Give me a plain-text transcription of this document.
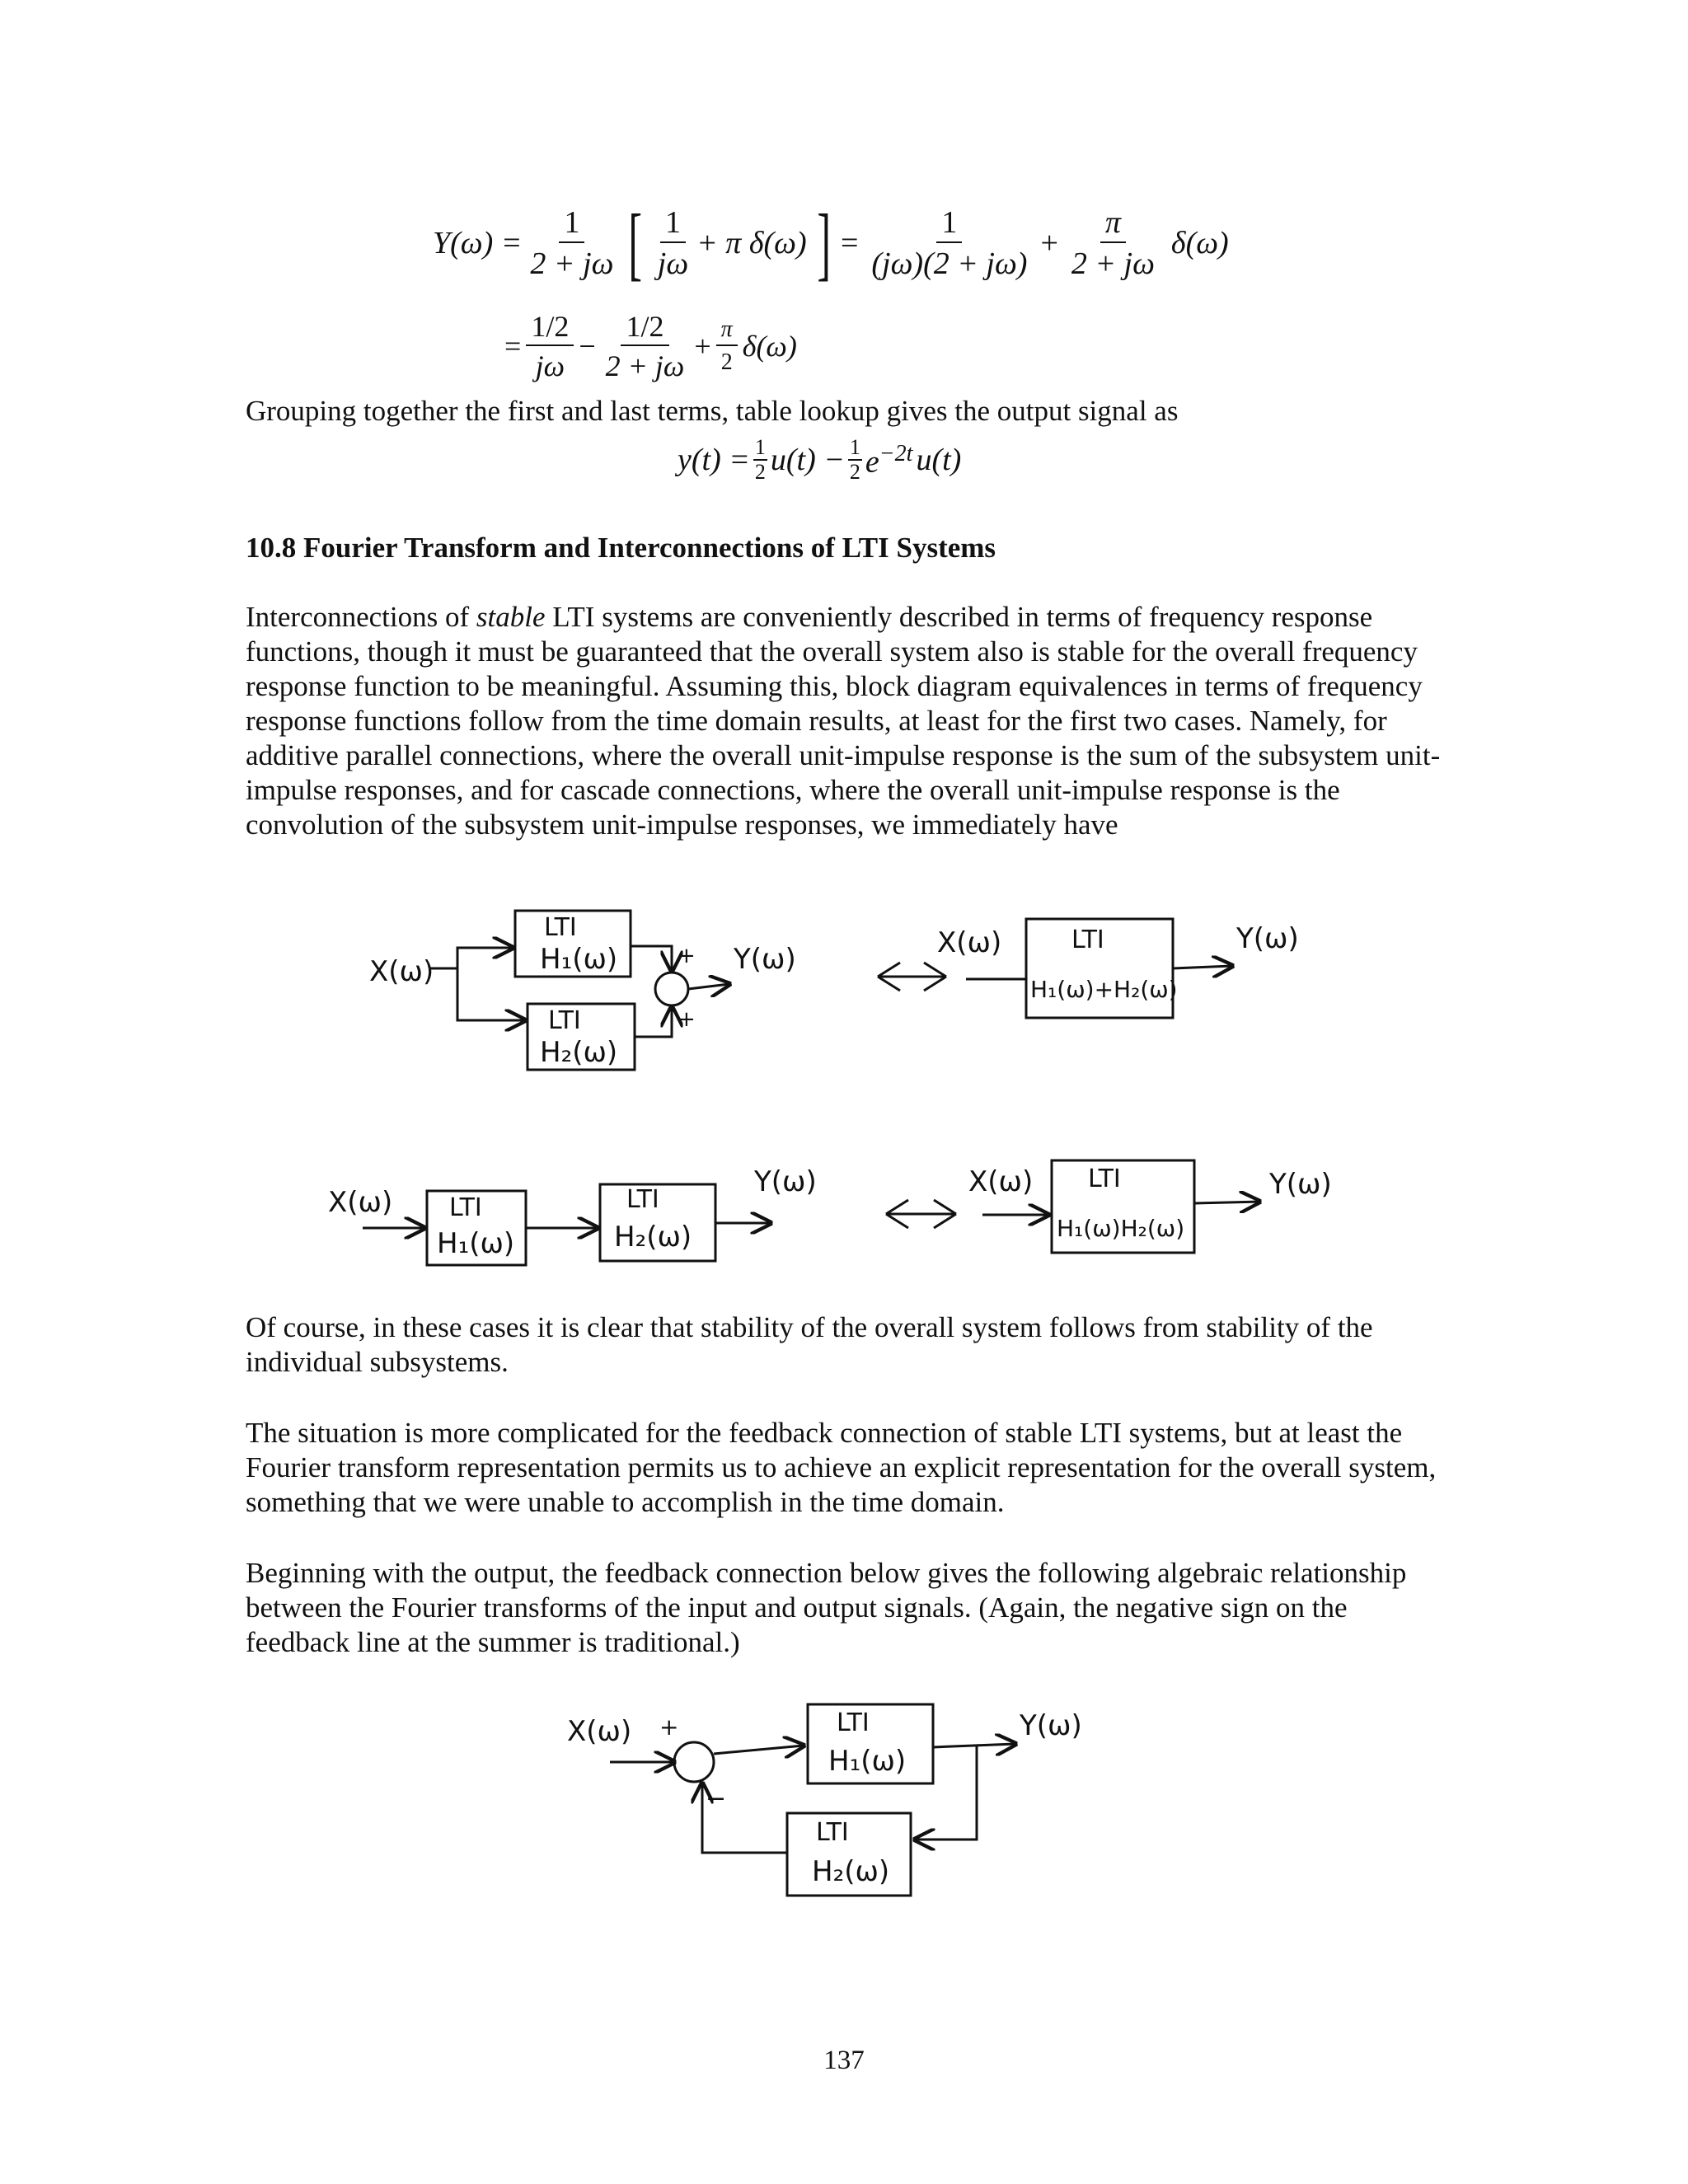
$Y(\omega) = \frac{1}{2 + j\omega}$ [ $\frac{1}{j\omega} + \pi$ δ(ω) ] = $\frac{1}{(j\omega)(2 + j\omega)} + \frac{\pi}{2 + j\omega} \delta(\omega)$
= $\frac{1/2}{j\omega} - \frac{1/2}{2 + j\omega} + \frac{\pi}{2} \delta(\omega)$

Grouping together the first and last terms, table lookup gives the output signal as

$y(t) = \frac{1}{2} u(t) - \frac{1}{2} e^{-2t}$ u(t)

10.8 Fourier Transform and Interconnections of LTI Systems

Interconnections of stable LTI systems are conveniently described in terms of frequency response functions, though it must be guaranteed that the overall system also is stable for the overall frequency response function to be meaningful. Assuming this, block diagram equivalences in terms of frequency response functions follow from the time domain results, at least for the first two cases. Namely, for additive parallel connections, where the overall unit-impulse response is the sum of the subsystem unit-impulse responses, and for cascade connections, where the overall unit-impulse response is the convolution of the subsystem unit-impulse responses, we immediately have

X(ω)
LTI
H₁(ω)
LTI
H₂(ω)
+
+
Y(ω)	X(ω)	LTI
H₁(ω)+H₂(ω)
Y(ω)
X(ω) LTI
H₁(ω)
LTI
H₂(ω)
Y(ω)	X(ω) LTI
H₁(ω)H₂(ω)
Y(ω)
X(ω) +
−
LTI
H₁(ω)
Y(ω)
LTI
H₂(ω)

Of course, in these cases it is clear that stability of the overall system follows from stability of the individual subsystems.

The situation is more complicated for the feedback connection of stable LTI systems, but at least the Fourier transform representation permits us to achieve an explicit representation for the overall system, something that we were unable to accomplish in the time domain.

Beginning with the output, the feedback connection below gives the following algebraic relationship between the Fourier transforms of the input and output signals. (Again, the negative sign on the feedback line at the summer is traditional.)

137
